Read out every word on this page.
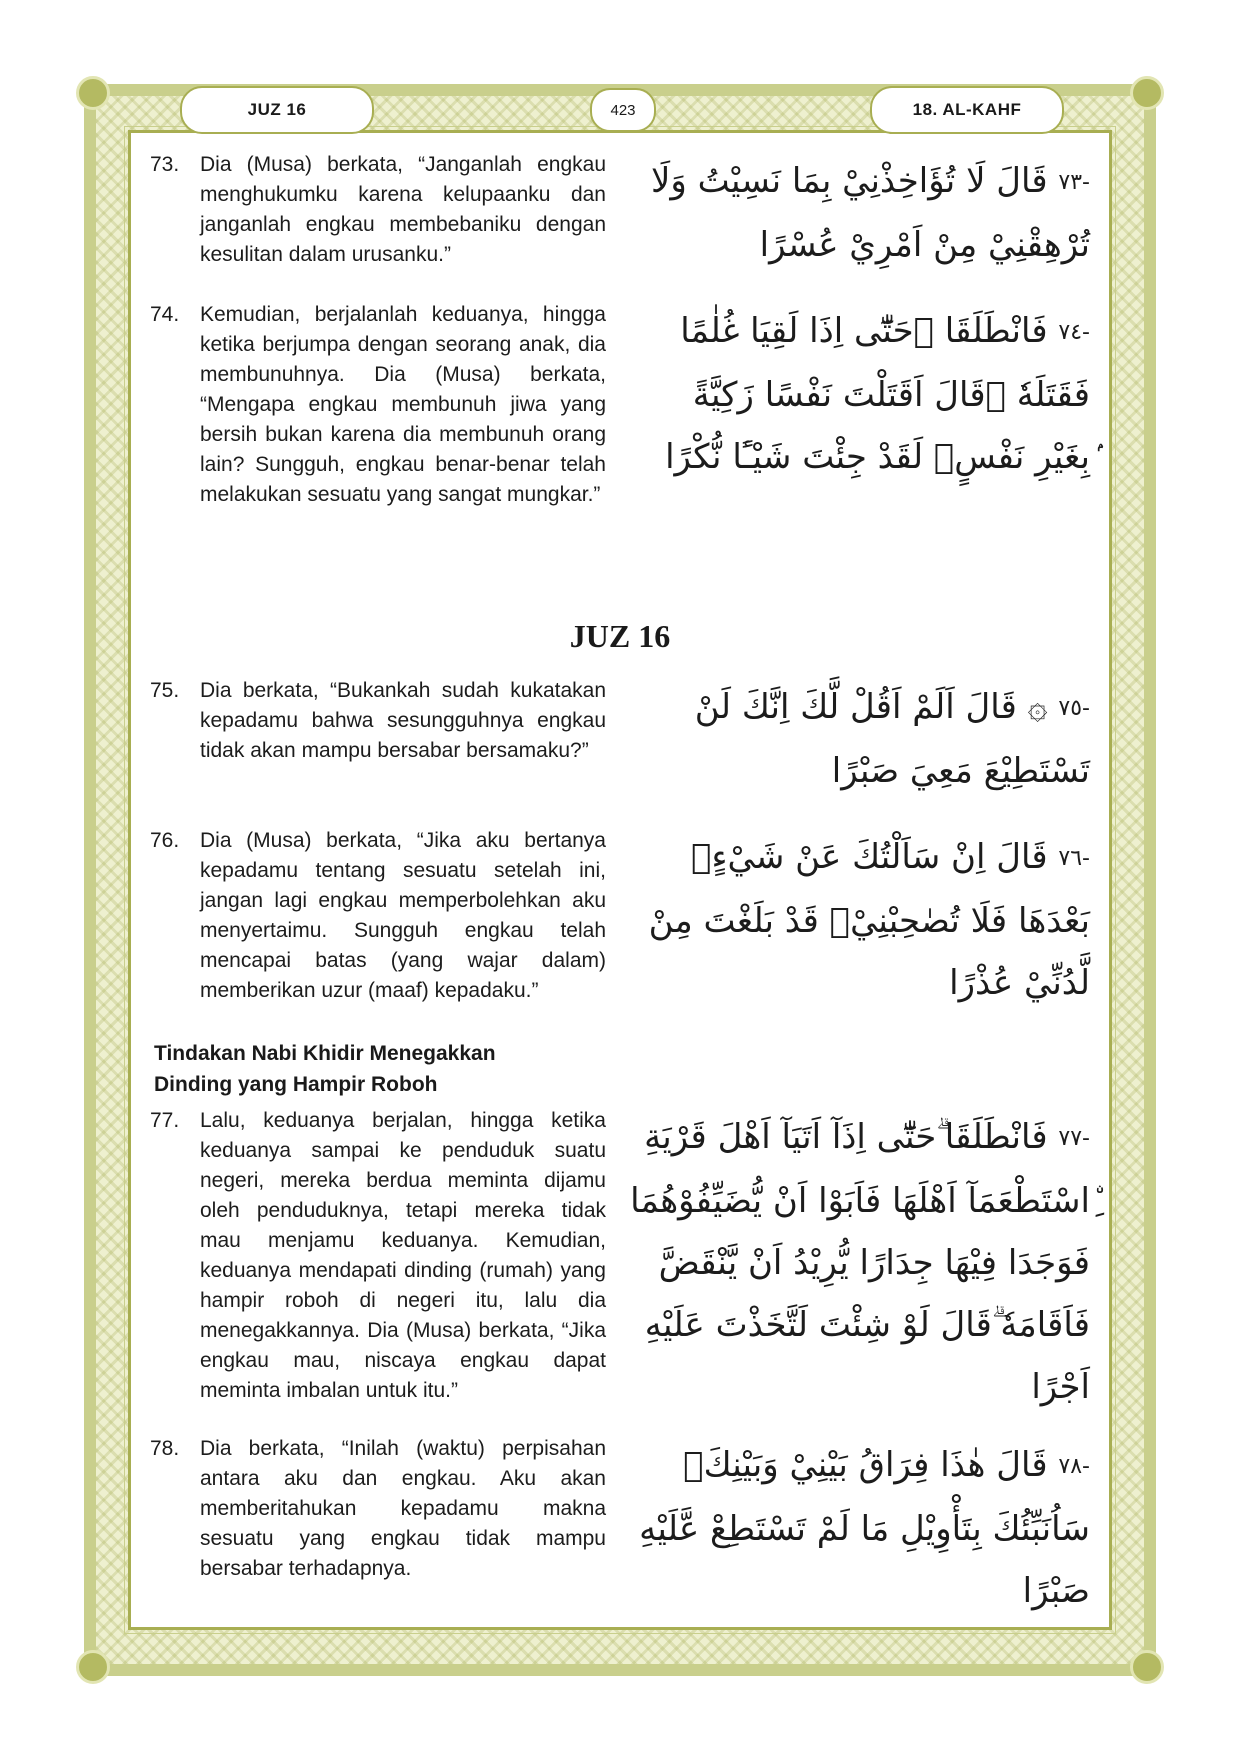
JUZ 16	423	18. AL-KAHF
73. Dia (Musa) berkata, “Janganlah engkau menghukumku karena kelupaanku dan janganlah engkau membebaniku dengan kesulitan dalam urusanku.”
-٧٣ قَالَ لَا تُؤَاخِذْنِيْ بِمَا نَسِيْتُ وَلَا تُرْهِقْنِيْ مِنْ اَمْرِيْ عُسْرًا
74. Kemudian, berjalanlah keduanya, hingga ketika berjumpa dengan seorang anak, dia membunuhnya. Dia (Musa) berkata, “Mengapa engkau membunuh jiwa yang bersih bukan karena dia membunuh orang lain? Sungguh, engkau benar-benar telah melakukan sesuatu yang sangat mungkar.”
-٧٤ فَانْطَلَقَا ۗحَتّٰٓى اِذَا لَقِيَا غُلٰمًا فَقَتَلَهٗ ۙقَالَ اَقَتَلْتَ نَفْسًا زَكِيَّةً ۢبِغَيْرِ نَفْسٍۗ لَقَدْ جِئْتَ شَيْـًٔا نُّكْرًا
JUZ 16
75. Dia berkata, “Bukankah sudah kukatakan kepadamu bahwa sesungguhnya engkau tidak akan mampu bersabar bersamaku?”
-٧٥ ۞ قَالَ اَلَمْ اَقُلْ لَّكَ اِنَّكَ لَنْ تَسْتَطِيْعَ مَعِيَ صَبْرًا
76. Dia (Musa) berkata, “Jika aku bertanya kepadamu tentang sesuatu setelah ini, jangan lagi engkau memperbolehkan aku menyertaimu. Sungguh engkau telah mencapai batas (yang wajar dalam) memberikan uzur (maaf) kepadaku.”
-٧٦ قَالَ اِنْ سَاَلْتُكَ عَنْ شَيْءٍۢ بَعْدَهَا فَلَا تُصٰحِبْنِيْۚ قَدْ بَلَغْتَ مِنْ لَّدُنِّيْ عُذْرًا
Tindakan Nabi Khidir Menegakkan
Dinding yang Hampir Roboh
77. Lalu, keduanya berjalan, hingga ketika keduanya sampai ke penduduk suatu negeri, mereka berdua meminta dijamu oleh penduduknya, tetapi mereka tidak mau menjamu keduanya. Kemudian, keduanya mendapati dinding (rumah) yang hampir roboh di negeri itu, lalu dia menegakkannya. Dia (Musa) berkata, “Jika engkau mau, niscaya engkau dapat meminta imbalan untuk itu.”
-٧٧ فَانْطَلَقَا ۗحَتّٰٓى اِذَآ اَتَيَآ اَهْلَ قَرْيَةِ ِۨاسْتَطْعَمَآ اَهْلَهَا فَاَبَوْا اَنْ يُّضَيِّفُوْهُمَا فَوَجَدَا فِيْهَا جِدَارًا يُّرِيْدُ اَنْ يَّنْقَضَّ فَاَقَامَهٗ ۗقَالَ لَوْ شِئْتَ لَتَّخَذْتَ عَلَيْهِ اَجْرًا
78. Dia berkata, “Inilah (waktu) perpisahan antara aku dan engkau. Aku akan memberitahukan kepadamu makna sesuatu yang engkau tidak mampu bersabar terhadapnya.
-٧٨ قَالَ هٰذَا فِرَاقُ بَيْنِيْ وَبَيْنِكَۚ سَاُنَبِّئُكَ بِتَأْوِيْلِ مَا لَمْ تَسْتَطِعْ عَّلَيْهِ صَبْرًا
